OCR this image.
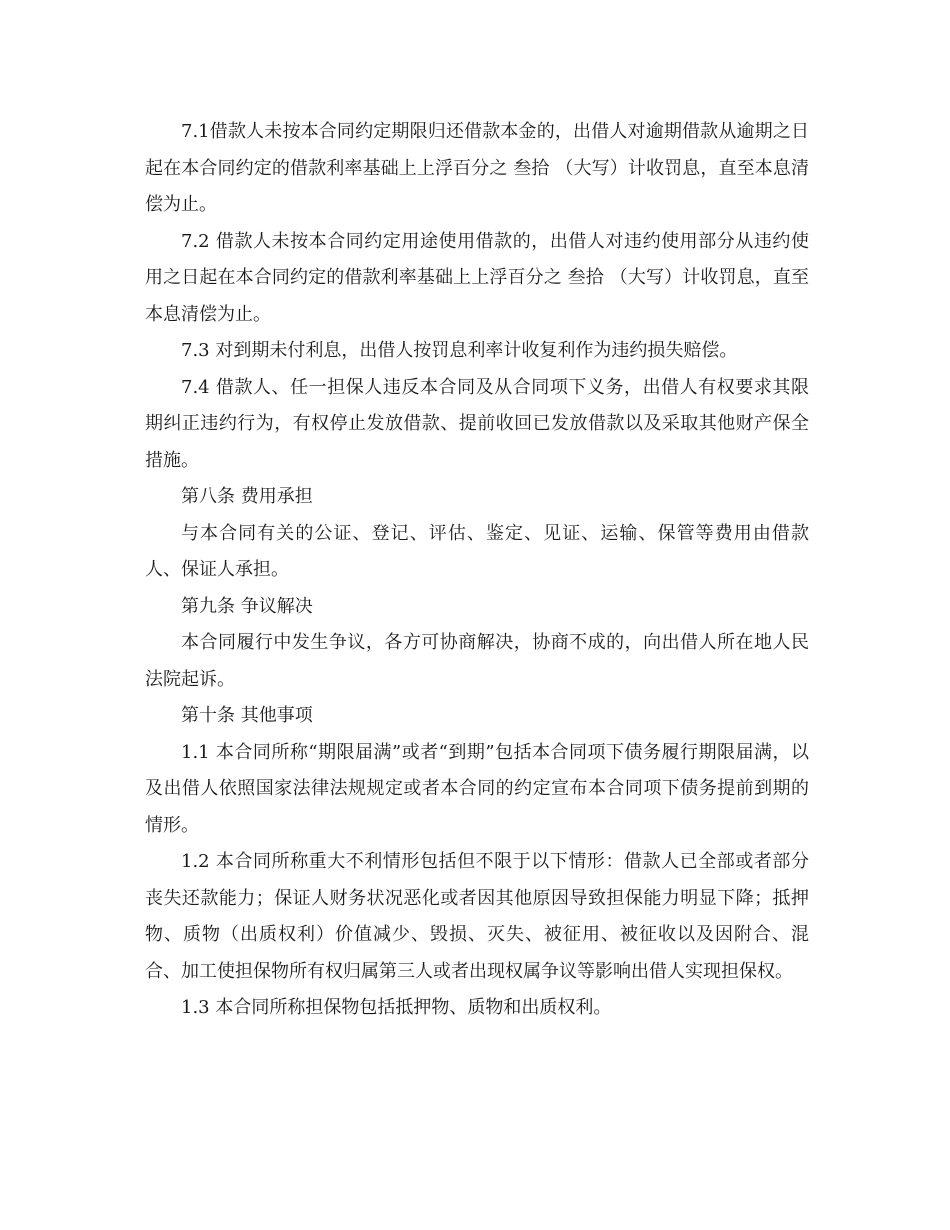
7.1借款人未按本合同约定期限归还借款本金的，出借人对逾期借款从逾期之日起在本合同约定的借款利率基础上上浮百分之 叁拾 （大写）计收罚息，直至本息清偿为止。

7.2 借款人未按本合同约定用途使用借款的，出借人对违约使用部分从违约使用之日起在本合同约定的借款利率基础上上浮百分之 叁拾 （大写）计收罚息，直至本息清偿为止。

7.3 对到期未付利息，出借人按罚息利率计收复利作为违约损失赔偿。

7.4 借款人、任一担保人违反本合同及从合同项下义务，出借人有权要求其限期纠正违约行为，有权停止发放借款、提前收回已发放借款以及采取其他财产保全措施。

第八条 费用承担

与本合同有关的公证、登记、评估、鉴定、见证、运输、保管等费用由借款人、保证人承担。

第九条 争议解决

本合同履行中发生争议，各方可协商解决，协商不成的，向出借人所在地人民法院起诉。

第十条 其他事项

1.1 本合同所称“期限届满”或者“到期”包括本合同项下债务履行期限届满，以及出借人依照国家法律法规规定或者本合同的约定宣布本合同项下债务提前到期的情形。

1.2 本合同所称重大不利情形包括但不限于以下情形：借款人已全部或者部分丧失还款能力；保证人财务状况恶化或者因其他原因导致担保能力明显下降；抵押物、质物（出质权利）价值减少、毁损、灭失、被征用、被征收以及因附合、混合、加工使担保物所有权归属第三人或者出现权属争议等影响出借人实现担保权。

1.3 本合同所称担保物包括抵押物、质物和出质权利。
